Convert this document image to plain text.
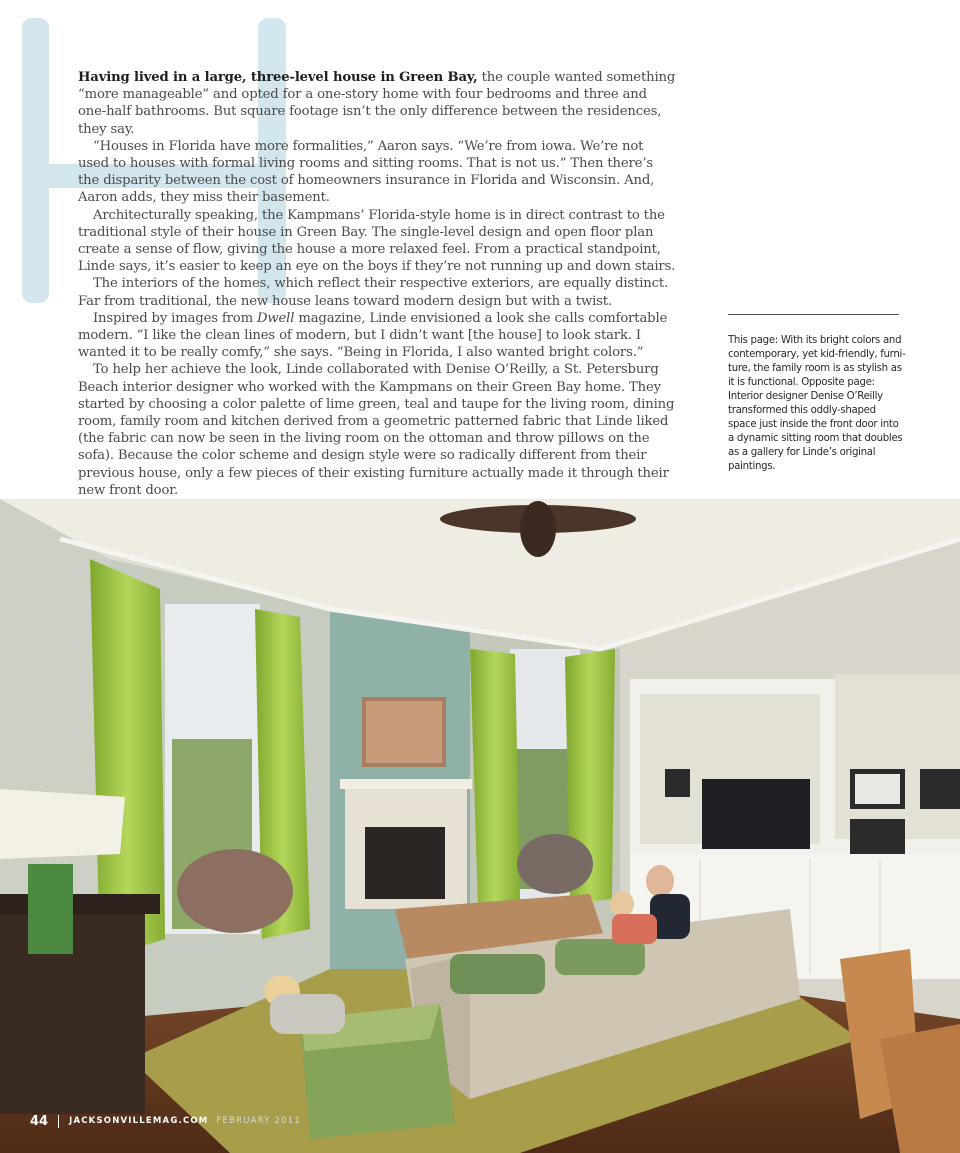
Having lived in a large, three-level house in Green Bay, the couple wanted something “more manageable” and opted for a one-story home with four bedrooms and three and one-half bathrooms. But square footage isn’t the only difference between the residences, they say.

“Houses in Florida have more formalities,” Aaron says. “We’re from iowa. We’re not used to houses with formal living rooms and sitting rooms. That is not us.” Then there’s the disparity between the cost of homeowners insurance in Florida and Wisconsin. And, Aaron adds, they miss their basement.

Architecturally speaking, the Kampmans’ Florida-style home is in direct contrast to the traditional style of their house in Green Bay. The single-level design and open floor plan create a sense of flow, giving the house a more relaxed feel. From a practical standpoint, Linde says, it’s easier to keep an eye on the boys if they’re not running up and down stairs.

The interiors of the homes, which reflect their respective exteriors, are equally distinct. Far from traditional, the new house leans toward modern design but with a twist.

Inspired by images from Dwell magazine, Linde envisioned a look she calls comfortable modern. “I like the clean lines of modern, but I didn’t want [the house] to look stark. I wanted it to be really comfy,” she says. “Being in Florida, I also wanted bright colors.”

To help her achieve the look, Linde collaborated with Denise O’Reilly, a St. Petersburg Beach interior designer who worked with the Kampmans on their Green Bay home. They started by choosing a color palette of lime green, teal and taupe for the living room, dining room, family room and kitchen derived from a geometric patterned fabric that Linde liked (the fabric can now be seen in the living room on the ottoman and throw pillows on the sofa). Because the color scheme and design style were so radically different from their previous house, only a few pieces of their existing furniture actually made it through their new front door.

This page: With its bright colors and contemporary, yet kid-friendly, furniture, the family room is as stylish as it is functional. Opposite page: Interior designer Denise O’Reilly transformed this oddly-shaped space just inside the front door into a dynamic sitting room that doubles as a gallery for Linde’s original paintings.
44 JACKSONVILLEMAG.COM FEBRUARY 2011
